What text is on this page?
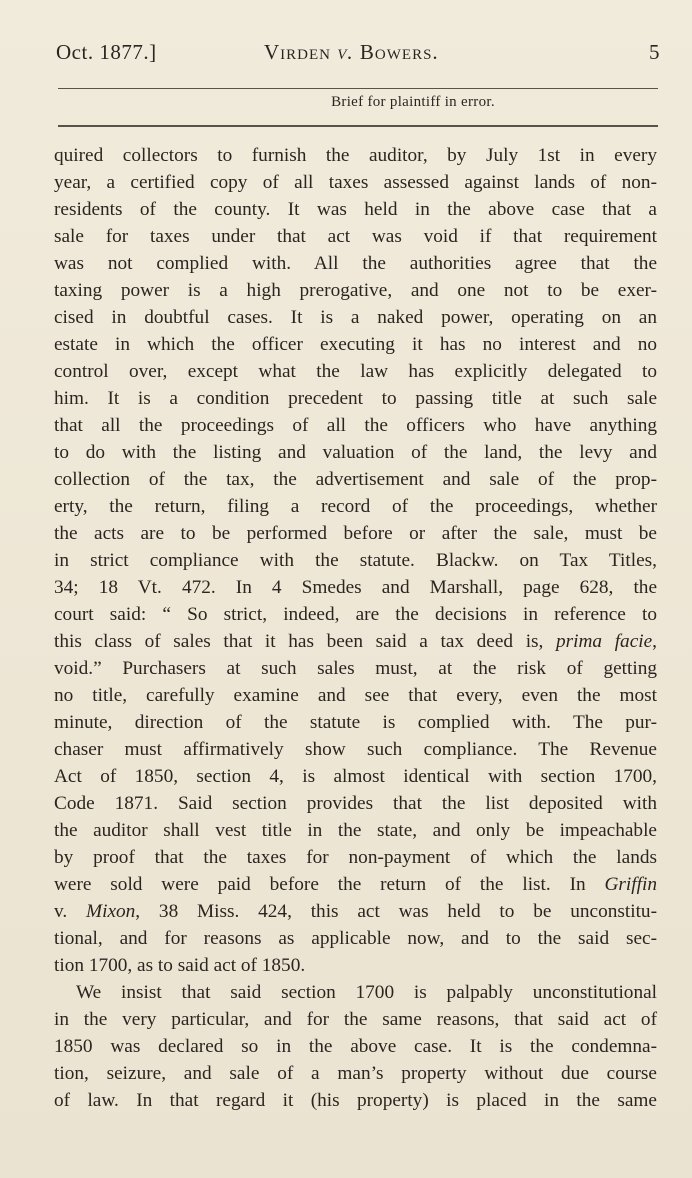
Oct. 1877.]	Virden v. Bowers.	5
Brief for plaintiff in error.
quired collectors to furnish the auditor, by July 1st in every
year, a certified copy of all taxes assessed against lands of non-
residents of the county. It was held in the above case that a
sale for taxes under that act was void if that requirement
was not complied with. All the authorities agree that the
taxing power is a high prerogative, and one not to be exer-
cised in doubtful cases. It is a naked power, operating on an
estate in which the officer executing it has no interest and no
control over, except what the law has explicitly delegated to
him. It is a condition precedent to passing title at such sale
that all the proceedings of all the officers who have anything
to do with the listing and valuation of the land, the levy and
collection of the tax, the advertisement and sale of the prop-
erty, the return, filing a record of the proceedings, whether
the acts are to be performed before or after the sale, must be
in strict compliance with the statute. Blackw. on Tax Titles,
34; 18 Vt. 472. In 4 Smedes and Marshall, page 628, the
court said: “ So strict, indeed, are the decisions in reference to
this class of sales that it has been said a tax deed is, prima facie,
void.” Purchasers at such sales must, at the risk of getting
no title, carefully examine and see that every, even the most
minute, direction of the statute is complied with. The pur-
chaser must affirmatively show such compliance. The Revenue
Act of 1850, section 4, is almost identical with section 1700,
Code 1871. Said section provides that the list deposited with
the auditor shall vest title in the state, and only be impeachable
by proof that the taxes for non-payment of which the lands
were sold were paid before the return of the list. In Griffin
v. Mixon, 38 Miss. 424, this act was held to be unconstitu-
tional, and for reasons as applicable now, and to the said sec-
tion 1700, as to said act of 1850.
We insist that said section 1700 is palpably unconstitutional
in the very particular, and for the same reasons, that said act of
1850 was declared so in the above case. It is the condemna-
tion, seizure, and sale of a man’s property without due course
of law. In that regard it (his property) is placed in the same
